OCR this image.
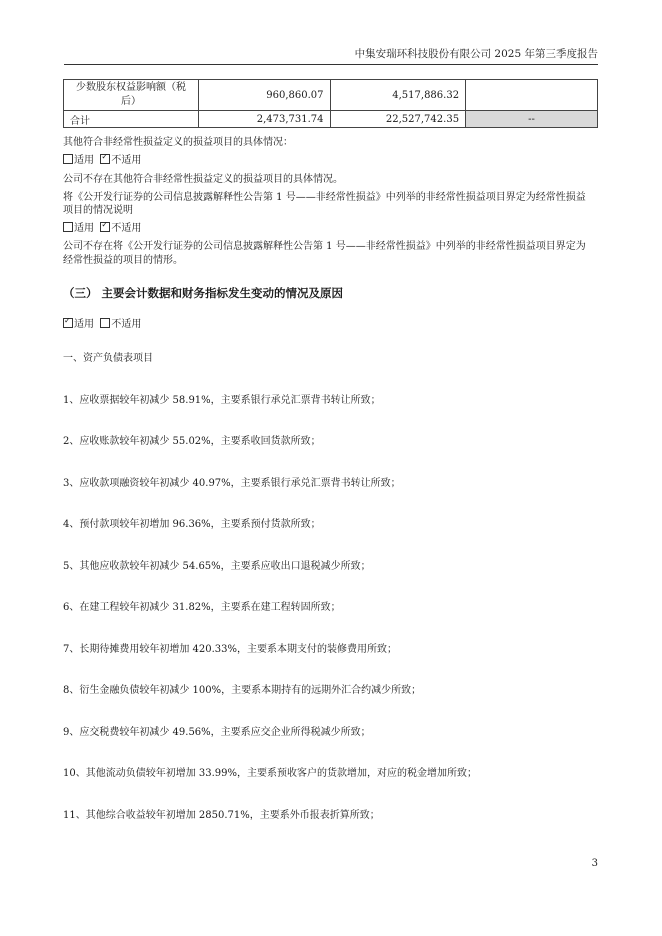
中集安瑞环科技股份有限公司 2025 年第三季度报告
少数股东权益影响额（税后）	960,860.07	4,517,886.32	
合计	2,473,731.74	22,527,742.35	--
其他符合非经常性损益定义的损益项目的具体情况：
适用 ✓ 不适用
公司不存在其他符合非经常性损益定义的损益项目的具体情况。
将《公开发行证券的公司信息披露解释性公告第 1 号——非经常性损益》中列举的非经常性损益项目界定为经常性损益
项目的情况说明
适用 ✓ 不适用
公司不存在将《公开发行证券的公司信息披露解释性公告第 1 号——非经常性损益》中列举的非经常性损益项目界定为
经常性损益的项目的情形。
（三） 主要会计数据和财务指标发生变动的情况及原因
✓适用 不适用
一、资产负债表项目
1、应收票据较年初减少 58.91%，主要系银行承兑汇票背书转让所致；
2、应收账款较年初减少 55.02%，主要系收回货款所致；
3、应收款项融资较年初减少 40.97%，主要系银行承兑汇票背书转让所致；
4、预付款项较年初增加 96.36%，主要系预付货款所致；
5、其他应收款较年初减少 54.65%，主要系应收出口退税减少所致；
6、在建工程较年初减少 31.82%，主要系在建工程转固所致；
7、长期待摊费用较年初增加 420.33%，主要系本期支付的装修费用所致；
8、衍生金融负债较年初减少 100%，主要系本期持有的远期外汇合约减少所致；
9、应交税费较年初减少 49.56%，主要系应交企业所得税减少所致；
10、其他流动负债较年初增加 33.99%，主要系预收客户的货款增加，对应的税金增加所致；
11、其他综合收益较年初增加 2850.71%，主要系外币报表折算所致；
3
